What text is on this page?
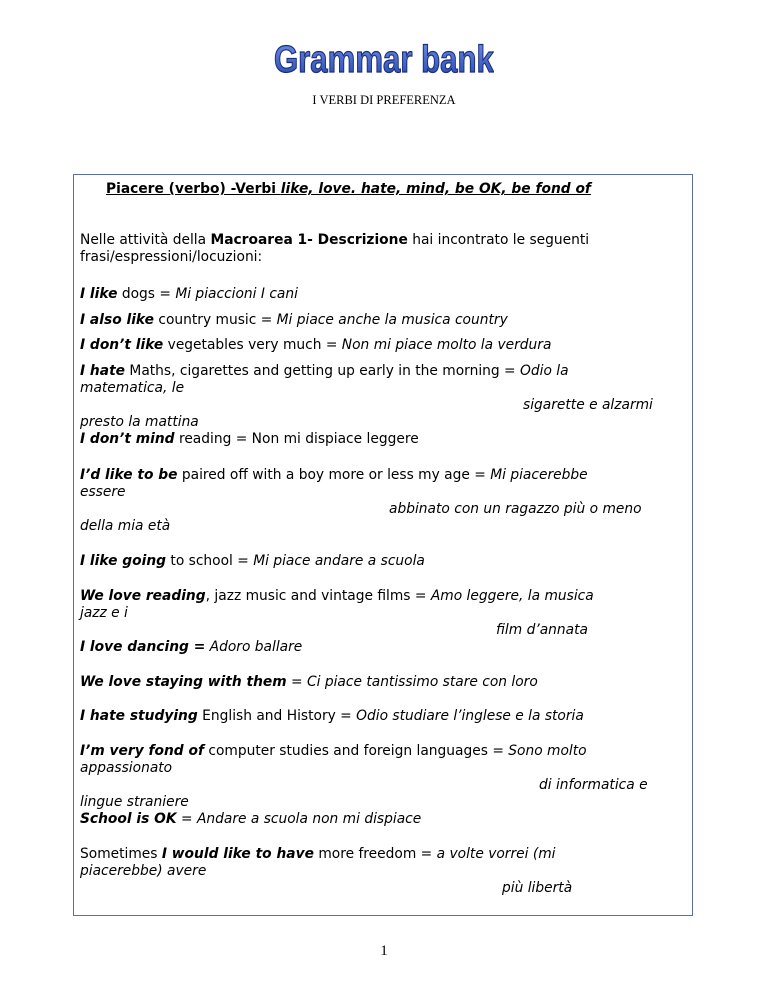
Grammar bank
I VERBI DI PREFERENZA
Piacere (verbo) -Verbi like, love. hate, mind, be OK, be fond of
Nelle attività della Macroarea 1- Descrizione hai incontrato le seguenti
frasi/espressioni/locuzioni:
I like dogs = Mi piaccioni I cani
I also like country music = Mi piace anche la musica country
I don’t like vegetables very much = Non mi piace molto la verdura
I hate Maths, cigarettes and getting up early in the morning = Odio la
matematica, le
sigarette e alzarmi
presto la mattina
I don’t mind reading = Non mi dispiace leggere
I’d like to be paired off with a boy more or less my age = Mi piacerebbe
essere
abbinato con un ragazzo più o meno
della mia età
I like going to school = Mi piace andare a scuola
We love reading, jazz music and vintage films = Amo leggere, la musica
jazz e i
film d’annata
I love dancing = Adoro ballare
We love staying with them = Ci piace tantissimo stare con loro
I hate studying English and History = Odio studiare l’inglese e la storia
I’m very fond of computer studies and foreign languages = Sono molto
appassionato
di informatica e
lingue straniere
School is OK = Andare a scuola non mi dispiace
Sometimes I would like to have more freedom = a volte vorrei (mi
piacerebbe) avere
più libertà
1
